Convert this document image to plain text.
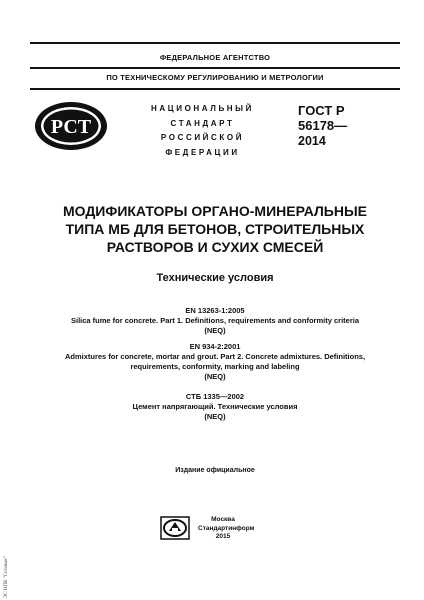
ФЕДЕРАЛЬНОЕ АГЕНТСТВО
ПО ТЕХНИЧЕСКОМУ РЕГУЛИРОВАНИЮ И МЕТРОЛОГИИ
РСТ
НАЦИОНАЛЬНЫЙ
СТАНДАРТ
РОССИЙСКОЙ
ФЕДЕРАЦИИ
ГОСТ Р
56178—
2014
МОДИФИКАТОРЫ ОРГАНО-МИНЕРАЛЬНЫЕ
ТИПА МБ ДЛЯ БЕТОНОВ, СТРОИТЕЛЬНЫХ
РАСТВОРОВ И СУХИХ СМЕСЕЙ
Технические условия
EN 13263-1:2005
Silica fume for concrete. Part 1. Definitions, requirements and conformity criteria
(NEQ)
EN 934-2:2001
Admixtures for concrete, mortar and grout. Part 2. Concrete admixtures. Definitions,
requirements, conformity, marking and labeling
(NEQ)
СТБ 1335—2002
Цемент напрягающий. Технические условия
(NEQ)
Издание официальное
Москва
Стандартинформ
2015
ЭС НПК "Сетевые"
